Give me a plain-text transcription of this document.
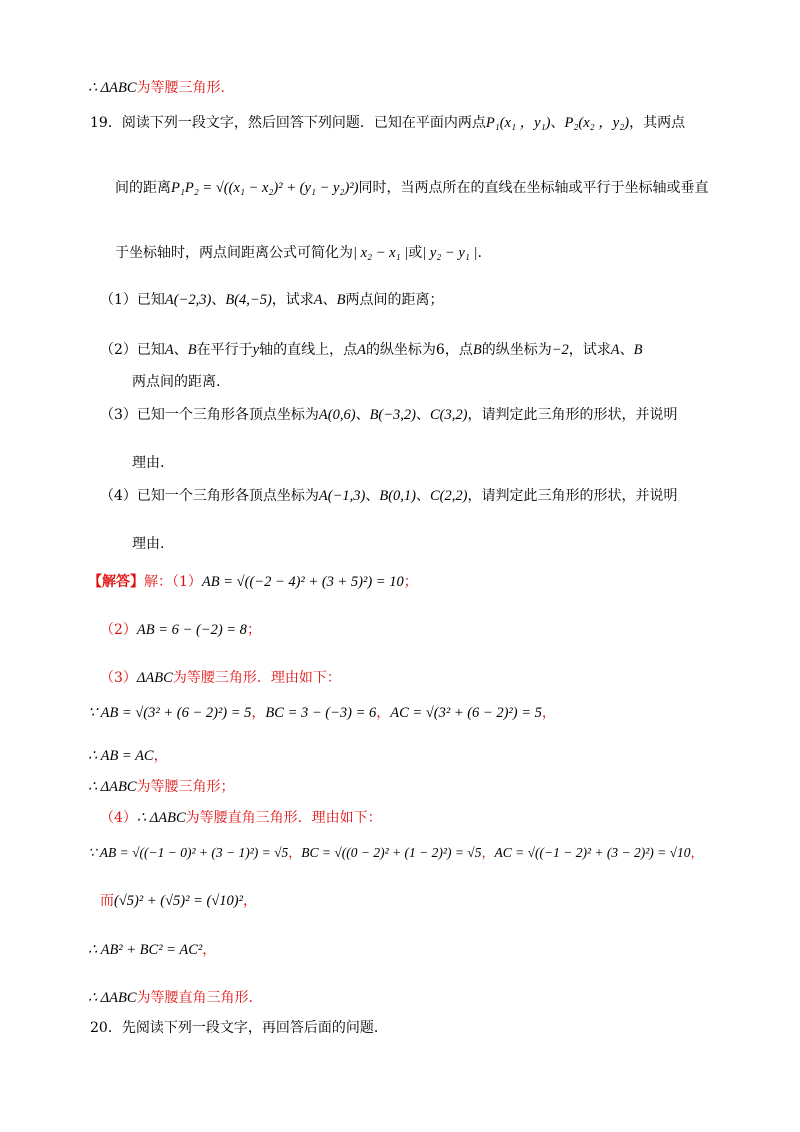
∴ ΔABC为等腰三角形.
19．阅读下列一段文字，然后回答下列问题．已知在平面内两点P₁(x₁ ，y₁)、P₂(x₂ ，y₂)，其两点
间的距离P₁P₂ = √((x₁ − x₂)² + (y₁ − y₂)²)同时，当两点所在的直线在坐标轴或平行于坐标轴或垂直
于坐标轴时，两点间距离公式可简化为| x₂ − x₁ |或| y₂ − y₁ |.
（1）已知A(−2,3)、B(4,−5)，试求A、B两点间的距离；
（2）已知A、B在平行于y轴的直线上，点A的纵坐标为6，点B的纵坐标为−2，试求A、B
两点间的距离.
（3）已知一个三角形各顶点坐标为A(0,6)、B(−3,2)、C(3,2)，请判定此三角形的形状，并说明
理由.
（4）已知一个三角形各顶点坐标为A(−1,3)、B(0,1)、C(2,2)，请判定此三角形的形状，并说明
理由.
【解答】解：（1）AB = √((−2 − 4)² + (3 + 5)²) = 10；
（2）AB = 6 − (−2) = 8；
（3）ΔABC为等腰三角形．理由如下：
∵ AB = √(3² + (6 − 2)²) = 5，BC = 3 − (−3) = 6，AC = √(3² + (6 − 2)²) = 5，
∴ AB = AC，
∴ ΔABC为等腰三角形；
（4）∴ ΔABC为等腰直角三角形．理由如下：
∵ AB = √((−1 − 0)² + (3 − 1)²) = √5，BC = √((0 − 2)² + (1 − 2)²) = √5，AC = √((−1 − 2)² + (3 − 2)²) = √10，
而(√5)² + (√5)² = (√10)²，
∴ AB² + BC² = AC²，
∴ ΔABC为等腰直角三角形.
20．先阅读下列一段文字，再回答后面的问题.
